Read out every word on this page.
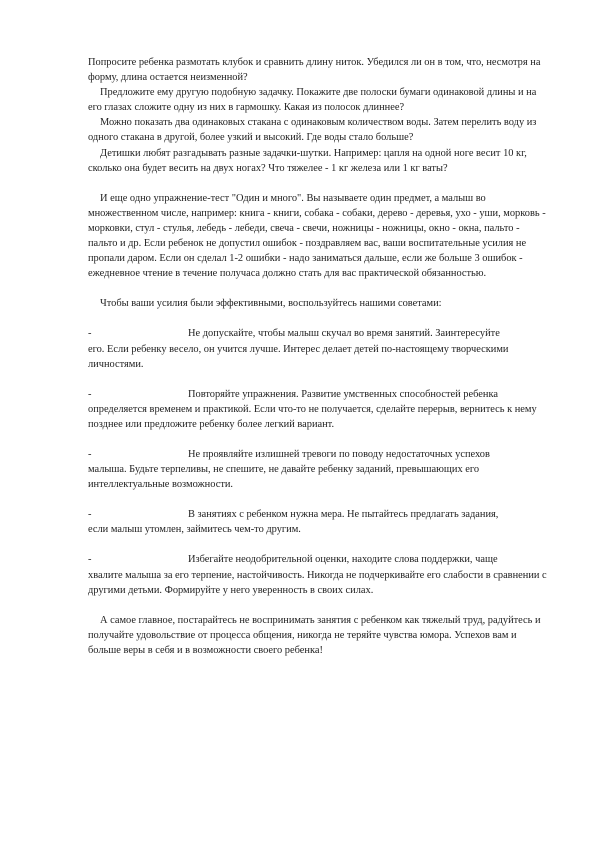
Попросите ребенка размотать клубок и сравнить длину ниток. Убедился ли он в том, что, несмотря на форму, длина остается неизменной?

Предложите ему другую подобную задачку. Покажите две полоски бумаги одинаковой длины и на его глазах сложите одну из них в гармошку. Какая из полосок длиннее?

Можно показать два одинаковых стакана с одинаковым количеством воды. Затем перелить воду из одного стакана в другой, более узкий и высокий. Где воды стало больше?

Детишки любят разгадывать разные задачки-шутки. Например: цапля на одной ноге весит 10 кг, сколько она будет весить на двух ногах? Что тяжелее - 1 кг железа или 1 кг ваты?

И еще одно упражнение-тест "Один и много". Вы называете один предмет, а малыш во множественном числе, например: книга - книги, собака - собаки, дерево - деревья, ухо - уши, морковь - морковки, стул - стулья, лебедь - лебеди, свеча - свечи, ножницы - ножницы, окно - окна, пальто - пальто и др. Если ребенок не допустил ошибок - поздравляем вас, ваши воспитательные усилия не пропали даром. Если он сделал 1-2 ошибки - надо заниматься дальше, если же больше 3 ошибок - ежедневное чтение в течение получаса должно стать для вас практической обязанностью.

Чтобы ваши усилия были эффективными, воспользуйтесь нашими советами:

-	Не допускайте, чтобы малыш скучал во время занятий. Заинтересуйте
его. Если ребенку весело, он учится лучше. Интерес делает детей по-настоящему творческими личностями.
-	Повторяйте упражнения. Развитие умственных способностей ребенка
определяется временем и практикой. Если что-то не получается, сделайте перерыв, вернитесь к нему позднее или предложите ребенку более легкий вариант.
-	Не проявляйте излишней тревоги по поводу недостаточных успехов
малыша. Будьте терпеливы, не спешите, не давайте ребенку заданий, превышающих его интеллектуальные возможности.
-	В занятиях с ребенком нужна мера. Не пытайтесь предлагать задания,
если малыш утомлен, займитесь чем-то другим.
-	Избегайте неодобрительной оценки, находите слова поддержки, чаще
хвалите малыша за его терпение, настойчивость. Никогда не подчеркивайте его слабости в сравнении с другими детьми. Формируйте у него уверенность в своих силах.

А самое главное, постарайтесь не воспринимать занятия с ребенком как тяжелый труд, радуйтесь и получайте удовольствие от процесса общения, никогда не теряйте чувства юмора. Успехов вам и больше веры в себя и в возможности своего ребенка!
